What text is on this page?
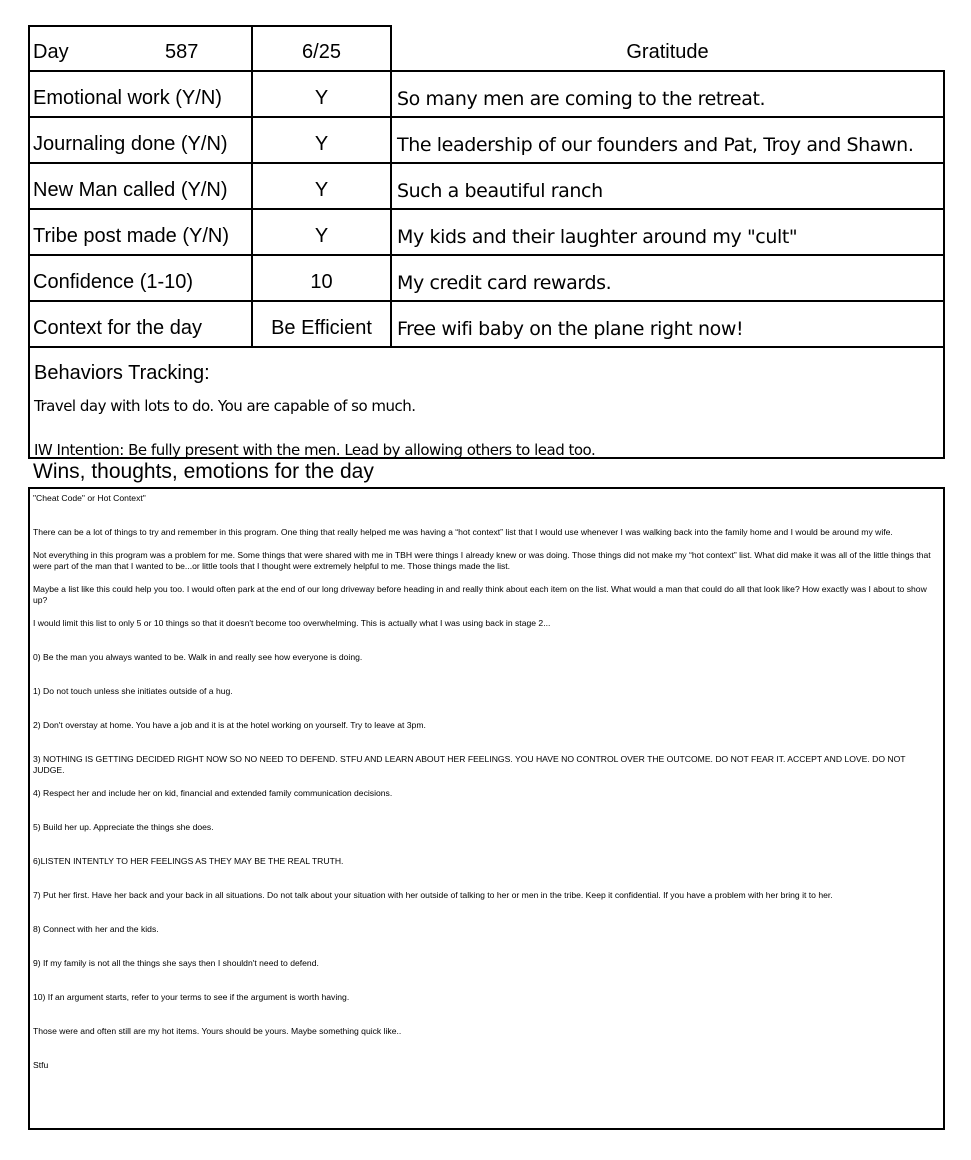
Day	587	6/25	Gratitude
Emotional work (Y/N)	Y	So many men are coming to the retreat.
Journaling done (Y/N)	Y	The leadership of our founders and Pat, Troy and Shawn.
New Man called (Y/N)	Y	Such a beautiful ranch
Tribe post made (Y/N)	Y	My kids and their laughter around my "cult"
Confidence (1-10)	10	My credit card rewards.
Context for the day	Be Efficient	Free wifi baby on the plane right now!
Behaviors Tracking:
Travel day with lots to do. You are capable of so much.
IW Intention: Be fully present with the men. Lead by allowing others to lead too.
Wins, thoughts, emotions for the day

"Cheat Code" or Hot Context"

There can be a lot of things to try and remember in this program. One thing that really helped me was having a “hot context” list that I would use whenever I was walking back into the family home and I would be around my wife.

Not everything in this program was a problem for me. Some things that were shared with me in TBH were things I already knew or was doing. Those things did not make my “hot context” list. What did make it was all of the little things that were part of the man that I wanted to be...or little tools that I thought were extremely helpful to me. Those things made the list.

Maybe a list like this could help you too. I would often park at the end of our long driveway before heading in and really think about each item on the list. What would a man that could do all that look like? How exactly was I about to show up?

I would limit this list to only 5 or 10 things so that it doesn't become too overwhelming. This is actually what I was using back in stage 2...

0) Be the man you always wanted to be. Walk in and really see how everyone is doing.

1) Do not touch unless she initiates outside of a hug.

2) Don't overstay at home. You have a job and it is at the hotel working on yourself. Try to leave at 3pm.

3) NOTHING IS GETTING DECIDED RIGHT NOW SO NO NEED TO DEFEND. STFU AND LEARN ABOUT HER FEELINGS. YOU HAVE NO CONTROL OVER THE OUTCOME. DO NOT FEAR IT. ACCEPT AND LOVE. DO NOT JUDGE.

4) Respect her and include her on kid, financial and extended family communication decisions.

5) Build her up. Appreciate the things she does.

6)LISTEN INTENTLY TO HER FEELINGS AS THEY MAY BE THE REAL TRUTH.

7) Put her first. Have her back and your back in all situations. Do not talk about your situation with her outside of talking to her or men in the tribe. Keep it confidential. If you have a problem with her bring it to her.

8) Connect with her and the kids.

9) If my family is not all the things she says then I shouldn't need to defend.

10) If an argument starts, refer to your terms to see if the argument is worth having.

Those were and often still are my hot items. Yours should be yours. Maybe something quick like..

Stfu
